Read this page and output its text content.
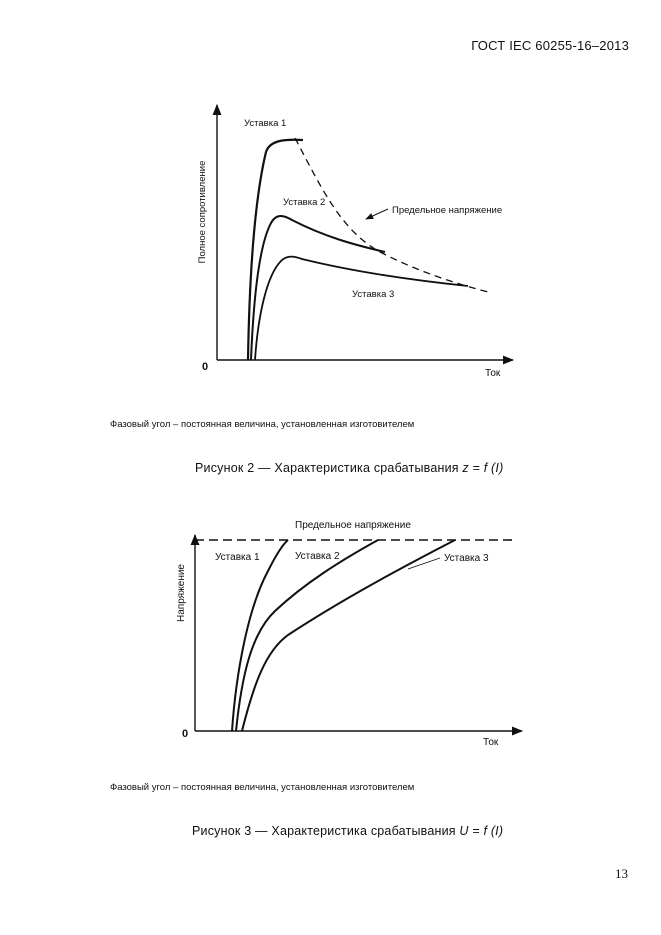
ГОСТ IEC 60255-16–2013
0
Ток
Полное сопротивление
Уставка 1
Уставка 2
Уставка 3
Предельное напряжение
Фазовый угол – постоянная величина, установленная изготовителем
Рисунок 2 — Характеристика срабатывания z = f (I)
0
Ток
Напряжение
Предельное напряжение
Уставка 1	Уставка 2	Уставка 3
Фазовый угол – постоянная величина, установленная изготовителем
Рисунок 3 — Характеристика срабатывания U = f (I)
13
